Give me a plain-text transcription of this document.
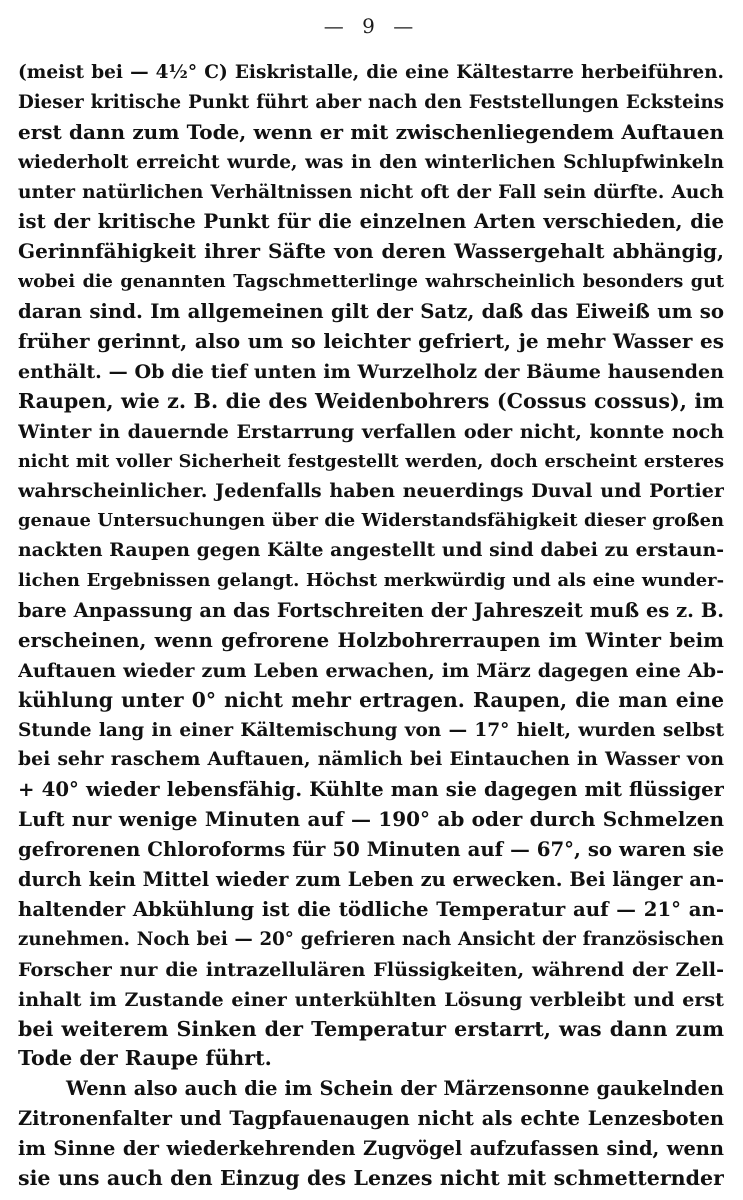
— 9 —
(meist bei — 4½° C) Eiskristalle, die eine Kältestarre herbeiführen.
Dieser kritische Punkt führt aber nach den Feststellungen Ecksteins
erst dann zum Tode, wenn er mit zwischenliegendem Auftauen
wiederholt erreicht wurde, was in den winterlichen Schlupfwinkeln
unter natürlichen Verhältnissen nicht oft der Fall sein dürfte. Auch
ist der kritische Punkt für die einzelnen Arten verschieden, die
Gerinnfähigkeit ihrer Säfte von deren Wassergehalt abhängig,
wobei die genannten Tagschmetterlinge wahrscheinlich besonders gut
daran sind. Im allgemeinen gilt der Satz, daß das Eiweiß um so
früher gerinnt, also um so leichter gefriert, je mehr Wasser es
enthält. — Ob die tief unten im Wurzelholz der Bäume hausenden
Raupen, wie z. B. die des Weidenbohrers (Cossus cossus), im
Winter in dauernde Erstarrung verfallen oder nicht, konnte noch
nicht mit voller Sicherheit festgestellt werden, doch erscheint ersteres
wahrscheinlicher. Jedenfalls haben neuerdings Duval und Portier
genaue Untersuchungen über die Widerstandsfähigkeit dieser großen
nackten Raupen gegen Kälte angestellt und sind dabei zu erstaun-
lichen Ergebnissen gelangt. Höchst merkwürdig und als eine wunder-
bare Anpassung an das Fortschreiten der Jahreszeit muß es z. B.
erscheinen, wenn gefrorene Holzbohrerraupen im Winter beim
Auftauen wieder zum Leben erwachen, im März dagegen eine Ab-
kühlung unter 0° nicht mehr ertragen. Raupen, die man eine
Stunde lang in einer Kältemischung von — 17° hielt, wurden selbst
bei sehr raschem Auftauen, nämlich bei Eintauchen in Wasser von
+ 40° wieder lebensfähig. Kühlte man sie dagegen mit flüssiger
Luft nur wenige Minuten auf — 190° ab oder durch Schmelzen
gefrorenen Chloroforms für 50 Minuten auf — 67°, so waren sie
durch kein Mittel wieder zum Leben zu erwecken. Bei länger an-
haltender Abkühlung ist die tödliche Temperatur auf — 21° an-
zunehmen. Noch bei — 20° gefrieren nach Ansicht der französischen
Forscher nur die intrazellulären Flüssigkeiten, während der Zell-
inhalt im Zustande einer unterkühlten Lösung verbleibt und erst
bei weiterem Sinken der Temperatur erstarrt, was dann zum
Tode der Raupe führt.
Wenn also auch die im Schein der Märzensonne gaukelnden
Zitronenfalter und Tagpfauenaugen nicht als echte Lenzesboten
im Sinne der wiederkehrenden Zugvögel aufzufassen sind, wenn
sie uns auch den Einzug des Lenzes nicht mit schmetternder
